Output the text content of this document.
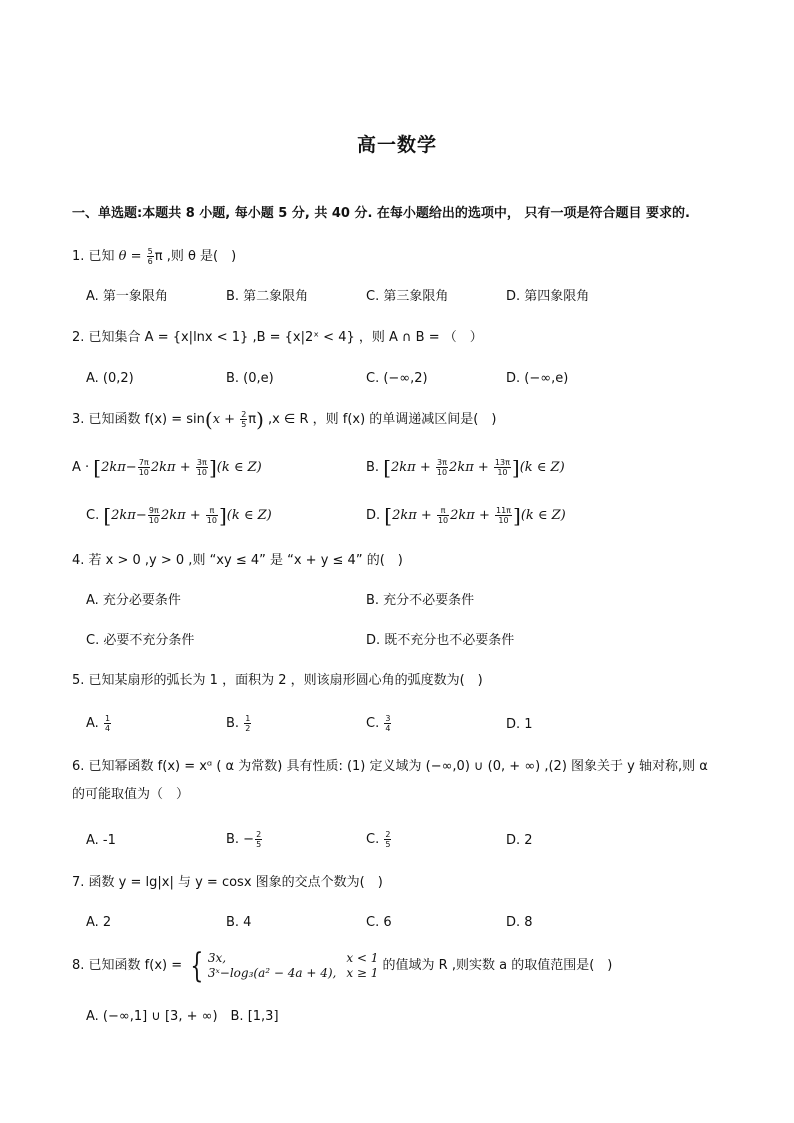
高一数学
一、单选题:本题共 8 小题, 每小题 5 分, 共 40 分. 在每小题给出的选项中， 只有一项是符合题目 要求的.
1. 已知 $\theta = \frac{5}{6}$ π ,则 θ 是(　)
A. 第一象限角	B. 第二象限角	C. 第三象限角	D. 第四象限角
2. 已知集合 A = {x|lnx < 1} ,B = {x|2ˣ < 4} ，则 A ∩ B = （　）
A. (0,2)	B. (0,e)	C. (−∞,2)	D. (−∞,e)
3. 已知函数 $f(x) = \sin(x + \frac{2}{5} \pi)$ ,x ∈ R ，则 f(x) 的单调递减区间是(　)
$A \cdot [2k\pi- \frac{7\pi}{10} 2k\pi + \frac{3\pi}{10} ](k$ ∈ Z)	B. $[2k\pi + \frac{3\pi}{10} 2k\pi + \frac{13\pi}{10} ](k$ ∈ Z)
C. $[2k\pi- \frac{9\pi}{10} 2k\pi + \frac{\pi}{10} ](k$ ∈ Z)	D. $[2k\pi + \frac{\pi}{10} 2k\pi + \frac{11\pi}{10} ](k$ ∈ Z)
4. 若 x > 0 ,y > 0 ,则 “xy ≤ 4” 是 “x + y ≤ 4” 的(　)
A. 充分必要条件	B. 充分不必要条件
C. 必要不充分条件	D. 既不充分也不必要条件
5. 已知某扇形的弧长为 1 ，面积为 2 ，则该扇形圆心角的弧度数为(　)
A. $\frac{1}{4}$	B. $\frac{1}{2}$	C. $\frac{3}{4}$	D. 1
6. 已知幂函数 f(x) = xᵅ ( α 为常数) 具有性质: (1) 定义域为 (−∞,0) ∪ (0, + ∞) ,(2) 图象关于 y 轴对称,则 α
的可能取值为（　）
A. -1	B. − $\frac{2}{5}$	C. $\frac{2}{5}$	D. 2
7. 函数 y = lg|x| 与 y = cosx 图象的交点个数为(　)
A. 2	B. 4	C. 6	D. 8
8. 已知函数 f(x) = { 3x,
3ˣ−log₃(a² − 4a + 4),
x < 1
x ≥ 1 的值域为 R ,则实数 a 的取值范围是(　)
A. (−∞,1] ∪ [3, + ∞)　B. [1,3]
